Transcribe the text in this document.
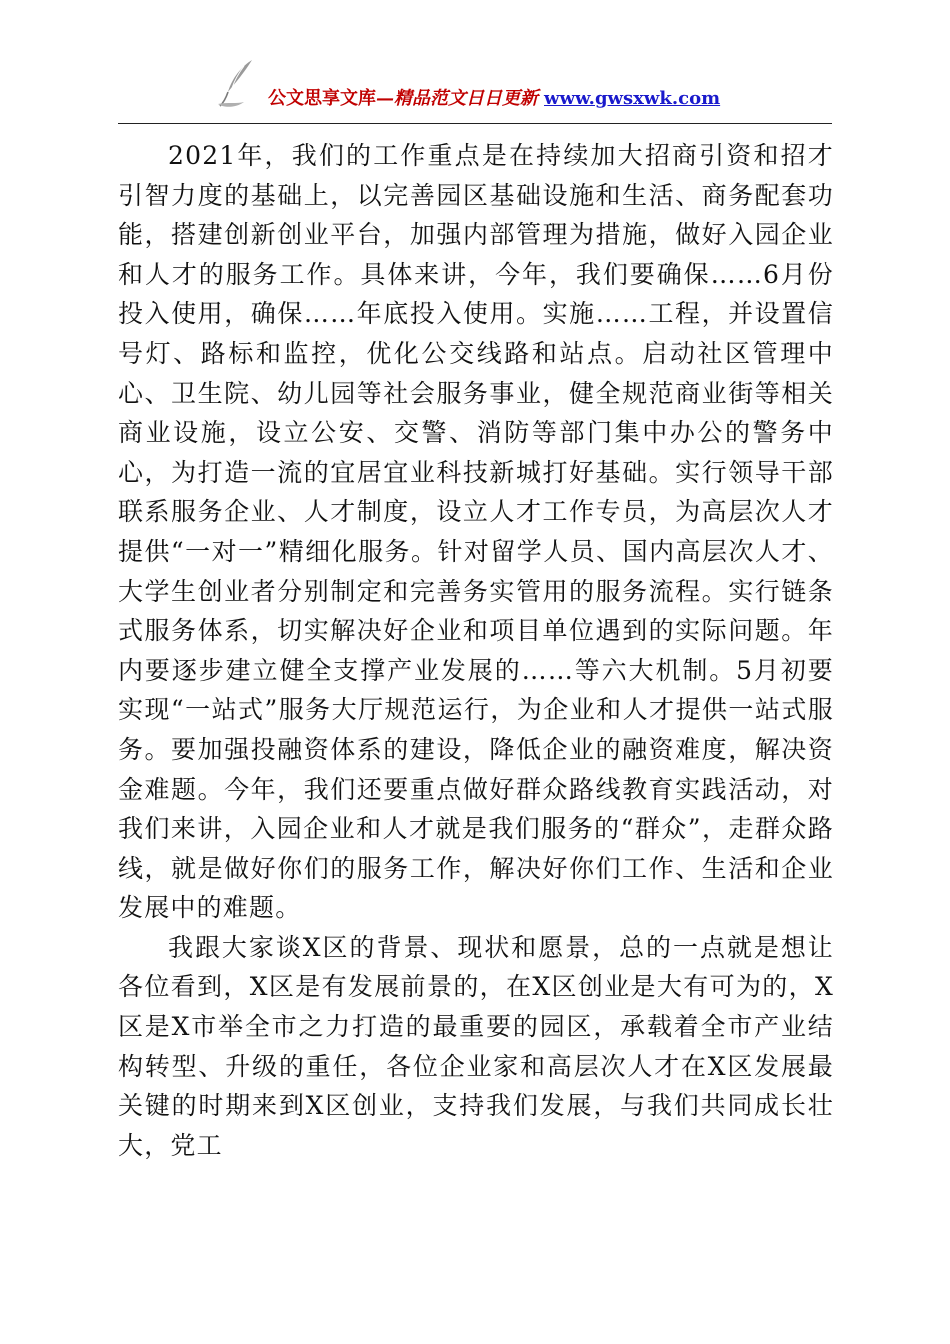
公文思享文库—精品范文日日更新 www.gwsxwk.com

2021年，我们的工作重点是在持续加大招商引资和招才引智力度的基础上，以完善园区基础设施和生活、商务配套功能，搭建创新创业平台，加强内部管理为措施，做好入园企业和人才的服务工作。具体来讲，今年，我们要确保……6月份投入使用，确保……年底投入使用。实施……工程，并设置信号灯、路标和监控，优化公交线路和站点。启动社区管理中心、卫生院、幼儿园等社会服务事业，健全规范商业街等相关商业设施，设立公安、交警、消防等部门集中办公的警务中心，为打造一流的宜居宜业科技新城打好基础。实行领导干部联系服务企业、人才制度，设立人才工作专员，为高层次人才提供“一对一”精细化服务。针对留学人员、国内高层次人才、大学生创业者分别制定和完善务实管用的服务流程。实行链条式服务体系，切实解决好企业和项目单位遇到的实际问题。年内要逐步建立健全支撑产业发展的……等六大机制。5月初要实现“一站式”服务大厅规范运行，为企业和人才提供一站式服务。要加强投融资体系的建设，降低企业的融资难度，解决资金难题。今年，我们还要重点做好群众路线教育实践活动，对我们来讲，入园企业和人才就是我们服务的“群众”，走群众路线，就是做好你们的服务工作，解决好你们工作、生活和企业发展中的难题。

我跟大家谈X区的背景、现状和愿景，总的一点就是想让各位看到，X区是有发展前景的，在X区创业是大有可为的，X区是X市举全市之力打造的最重要的园区，承载着全市产业结构转型、升级的重任，各位企业家和高层次人才在X区发展最关键的时期来到X区创业，支持我们发展，与我们共同成长壮大，党工
